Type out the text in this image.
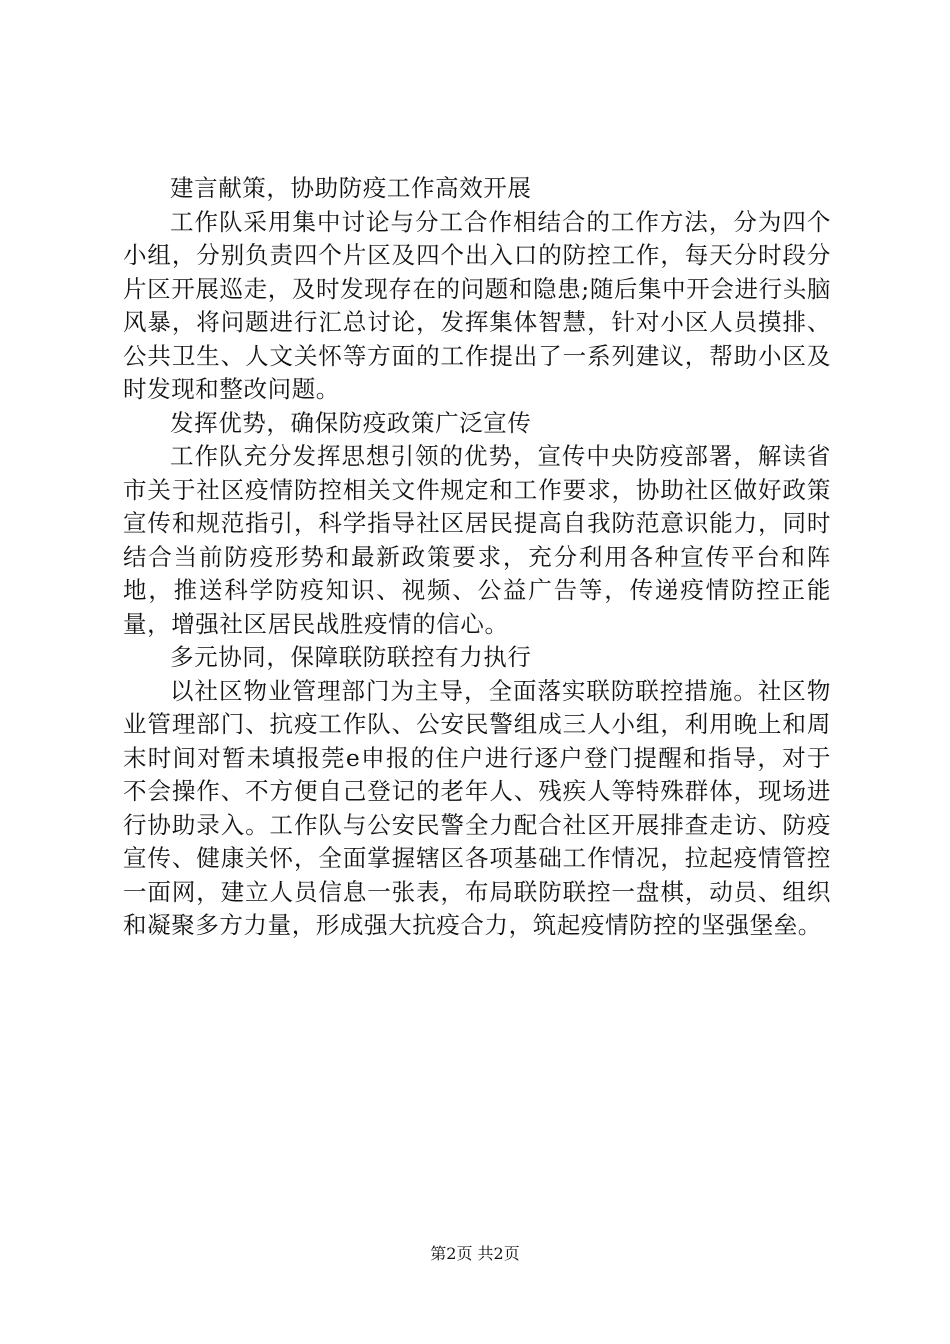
建言献策，协助防疫工作高效开展

工作队采用集中讨论与分工合作相结合的工作方法，分为四个小组，分别负责四个片区及四个出入口的防控工作，每天分时段分片区开展巡走，及时发现存在的问题和隐患;随后集中开会进行头脑风暴，将问题进行汇总讨论，发挥集体智慧，针对小区人员摸排、公共卫生、人文关怀等方面的工作提出了一系列建议，帮助小区及时发现和整改问题。

发挥优势，确保防疫政策广泛宣传

工作队充分发挥思想引领的优势，宣传中央防疫部署，解读省市关于社区疫情防控相关文件规定和工作要求，协助社区做好政策宣传和规范指引，科学指导社区居民提高自我防范意识能力，同时结合当前防疫形势和最新政策要求，充分利用各种宣传平台和阵地，推送科学防疫知识、视频、公益广告等，传递疫情防控正能量，增强社区居民战胜疫情的信心。

多元协同，保障联防联控有力执行

以社区物业管理部门为主导，全面落实联防联控措施。社区物业管理部门、抗疫工作队、公安民警组成三人小组，利用晚上和周末时间对暂未填报莞e申报的住户进行逐户登门提醒和指导，对于不会操作、不方便自己登记的老年人、残疾人等特殊群体，现场进行协助录入。工作队与公安民警全力配合社区开展排查走访、防疫宣传、健康关怀，全面掌握辖区各项基础工作情况，拉起疫情管控一面网，建立人员信息一张表，布局联防联控一盘棋，动员、组织和凝聚多方力量，形成强大抗疫合力，筑起疫情防控的坚强堡垒。

第2页 共2页
